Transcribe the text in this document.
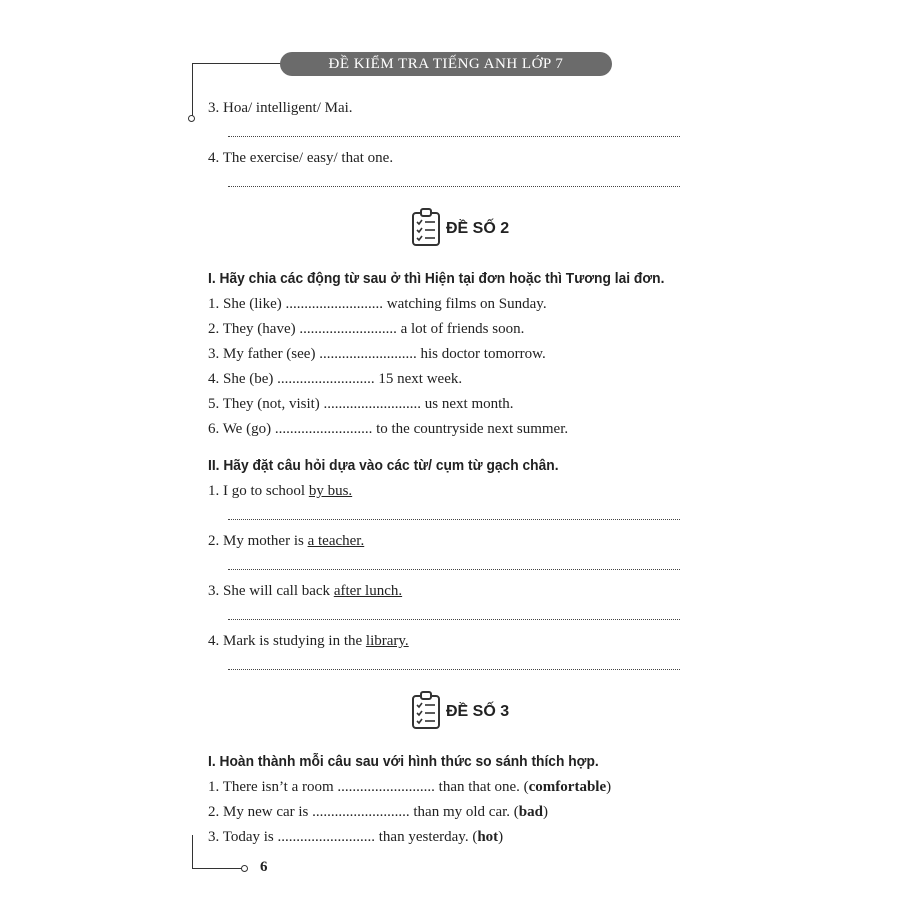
ĐỀ KIỂM TRA TIẾNG ANH LỚP 7
3. Hoa/ intelligent/ Mai.
4. The exercise/ easy/ that one.
ĐỀ SỐ 2
I. Hãy chia các động từ sau ở thì Hiện tại đơn hoặc thì Tương lai đơn.
1. She (like) .......................... watching films on Sunday.
2. They (have) .......................... a lot of friends soon.
3. My father (see) .......................... his doctor tomorrow.
4. She (be) .......................... 15 next week.
5. They (not, visit) .......................... us next month.
6. We (go) .......................... to the countryside next summer.
II. Hãy đặt câu hỏi dựa vào các từ/ cụm từ gạch chân.
1. I go to school by bus.
2. My mother is a teacher.
3. She will call back after lunch.
4. Mark is studying in the library.
ĐỀ SỐ 3
I. Hoàn thành mỗi câu sau với hình thức so sánh thích hợp.
1. There isn’t a room .......................... than that one. (comfortable)
2. My new car is .......................... than my old car. (bad)
3. Today is .......................... than yesterday. (hot)
6
